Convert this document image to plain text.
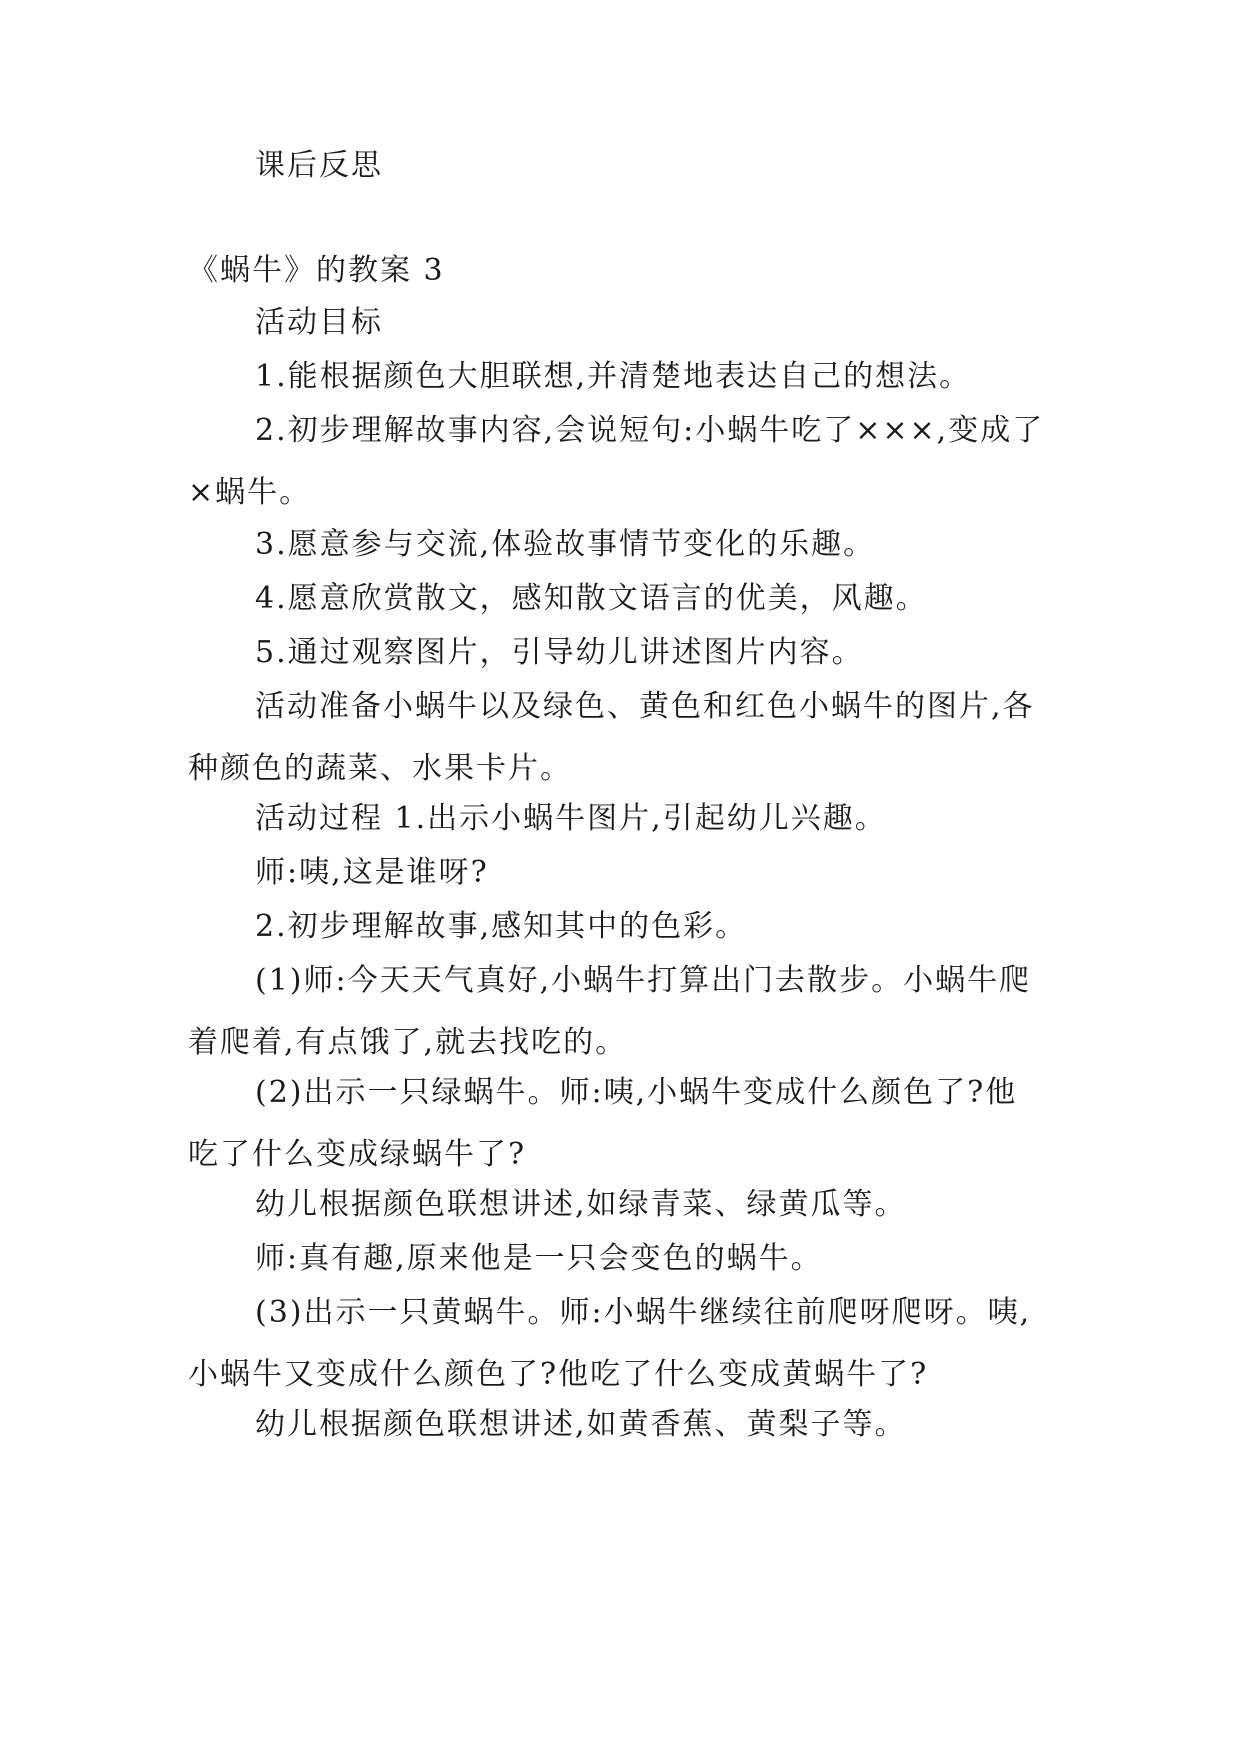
课后反思

《蜗牛》的教案 3

活动目标

1.能根据颜色大胆联想,并清楚地表达自己的想法。

2.初步理解故事内容,会说短句:小蜗牛吃了×××,变成了×蜗牛。

3.愿意参与交流,体验故事情节变化的乐趣。

4.愿意欣赏散文，感知散文语言的优美，风趣。

5.通过观察图片，引导幼儿讲述图片内容。

活动准备小蜗牛以及绿色、黄色和红色小蜗牛的图片,各种颜色的蔬菜、水果卡片。

活动过程 1.出示小蜗牛图片,引起幼儿兴趣。

师:咦,这是谁呀?

2.初步理解故事,感知其中的色彩。

(1)师:今天天气真好,小蜗牛打算出门去散步。小蜗牛爬着爬着,有点饿了,就去找吃的。

(2)出示一只绿蜗牛。师:咦,小蜗牛变成什么颜色了?他吃了什么变成绿蜗牛了?

幼儿根据颜色联想讲述,如绿青菜、绿黄瓜等。

师:真有趣,原来他是一只会变色的蜗牛。

(3)出示一只黄蜗牛。师:小蜗牛继续往前爬呀爬呀。咦,小蜗牛又变成什么颜色了?他吃了什么变成黄蜗牛了?

幼儿根据颜色联想讲述,如黄香蕉、黄梨子等。
